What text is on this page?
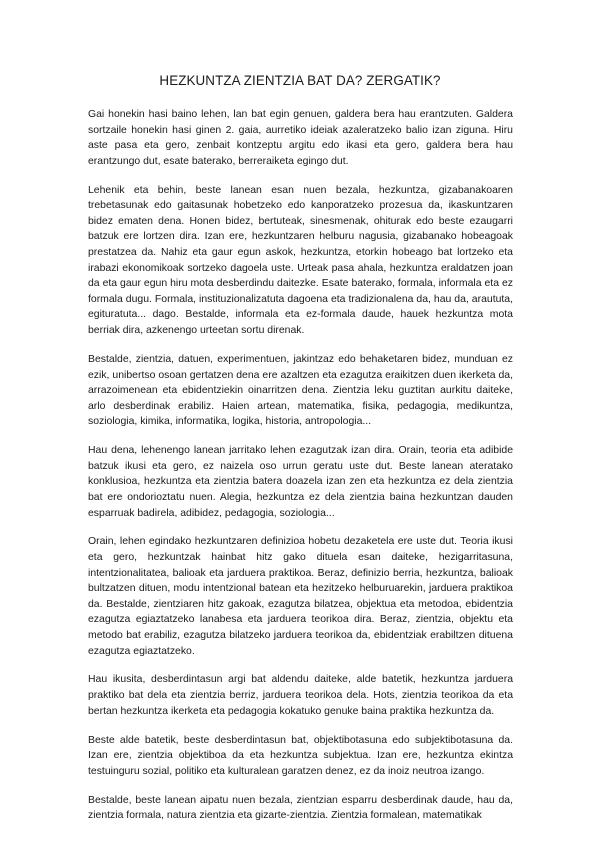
HEZKUNTZA ZIENTZIA BAT DA? ZERGATIK?

Gai honekin hasi baino lehen, lan bat egin genuen, galdera bera hau erantzuten. Galdera sortzaile honekin hasi ginen 2. gaia, aurretiko ideiak azaleratzeko balio izan ziguna. Hiru aste pasa eta gero, zenbait kontzeptu argitu edo ikasi eta gero, galdera bera hau erantzungo dut, esate baterako, berreraiketa egingo dut.

Lehenik eta behin, beste lanean esan nuen bezala, hezkuntza, gizabanakoaren trebetasunak edo gaitasunak hobetzeko edo kanporatzeko prozesua da, ikaskuntzaren bidez ematen dena. Honen bidez, bertuteak, sinesmenak, ohiturak edo beste ezaugarri batzuk ere lortzen dira. Izan ere, hezkuntzaren helburu nagusia, gizabanako hobeagoak prestatzea da. Nahiz eta gaur egun askok, hezkuntza, etorkin hobeago bat lortzeko eta irabazi ekonomikoak sortzeko dagoela uste. Urteak pasa ahala, hezkuntza eraldatzen joan da eta gaur egun hiru mota desberdindu daitezke. Esate baterako, formala, informala eta ez formala dugu. Formala, instituzionalizatuta dagoena eta tradizionalena da, hau da, araututa, egituratuta... dago. Bestalde, informala eta ez-formala daude, hauek hezkuntza mota berriak dira, azkenengo urteetan sortu direnak.

Bestalde, zientzia, datuen, experimentuen, jakintzaz edo behaketaren bidez, munduan ez ezik, unibertso osoan gertatzen dena ere azaltzen eta ezagutza eraikitzen duen ikerketa da, arrazoimenean eta ebidentziekin oinarritzen dena. Zientzia leku guztitan aurkitu daiteke, arlo desberdinak erabiliz. Haien artean, matematika, fisika, pedagogia, medikuntza, soziologia, kimika, informatika, logika, historia, antropologia...

Hau dena, lehenengo lanean jarritako lehen ezagutzak izan dira. Orain, teoria eta adibide batzuk ikusi eta gero, ez naizela oso urrun geratu uste dut. Beste lanean ateratako konklusioa, hezkuntza eta zientzia batera doazela izan zen eta hezkuntza ez dela zientzia bat ere ondorioztatu nuen. Alegia, hezkuntza ez dela zientzia baina hezkuntzan dauden esparruak badirela, adibidez, pedagogia, soziologia...

Orain, lehen egindako hezkuntzaren definizioa hobetu dezaketela ere uste dut. Teoria ikusi eta gero, hezkuntzak hainbat hitz gako dituela esan daiteke, hezigarritasuna, intentzionalitatea, balioak eta jarduera praktikoa. Beraz, definizio berria, hezkuntza, balioak bultzatzen dituen, modu intentzional batean eta hezitzeko helburuarekin, jarduera praktikoa da. Bestalde, zientziaren hitz gakoak, ezagutza bilatzea, objektua eta metodoa, ebidentzia ezagutza egiaztatzeko lanabesa eta jarduera teorikoa dira. Beraz, zientzia, objektu eta metodo bat erabiliz, ezagutza bilatzeko jarduera teorikoa da, ebidentziak erabiltzen dituena ezagutza egiaztatzeko.

Hau ikusita, desberdintasun argi bat aldendu daiteke, alde batetik, hezkuntza jarduera praktiko bat dela eta zientzia berriz, jarduera teorikoa dela. Hots, zientzia teorikoa da eta bertan hezkuntza ikerketa eta pedagogia kokatuko genuke baina praktika hezkuntza da.

Beste alde batetik, beste desberdintasun bat, objektibotasuna edo subjektibotasuna da. Izan ere, zientzia objektiboa da eta hezkuntza subjektua. Izan ere, hezkuntza ekintza testuinguru sozial, politiko eta kulturalean garatzen denez, ez da inoiz neutroa izango.

Bestalde, beste lanean aipatu nuen bezala, zientzian esparru desberdinak daude, hau da, zientzia formala, natura zientzia eta gizarte-zientzia. Zientzia formalean, matematikak
